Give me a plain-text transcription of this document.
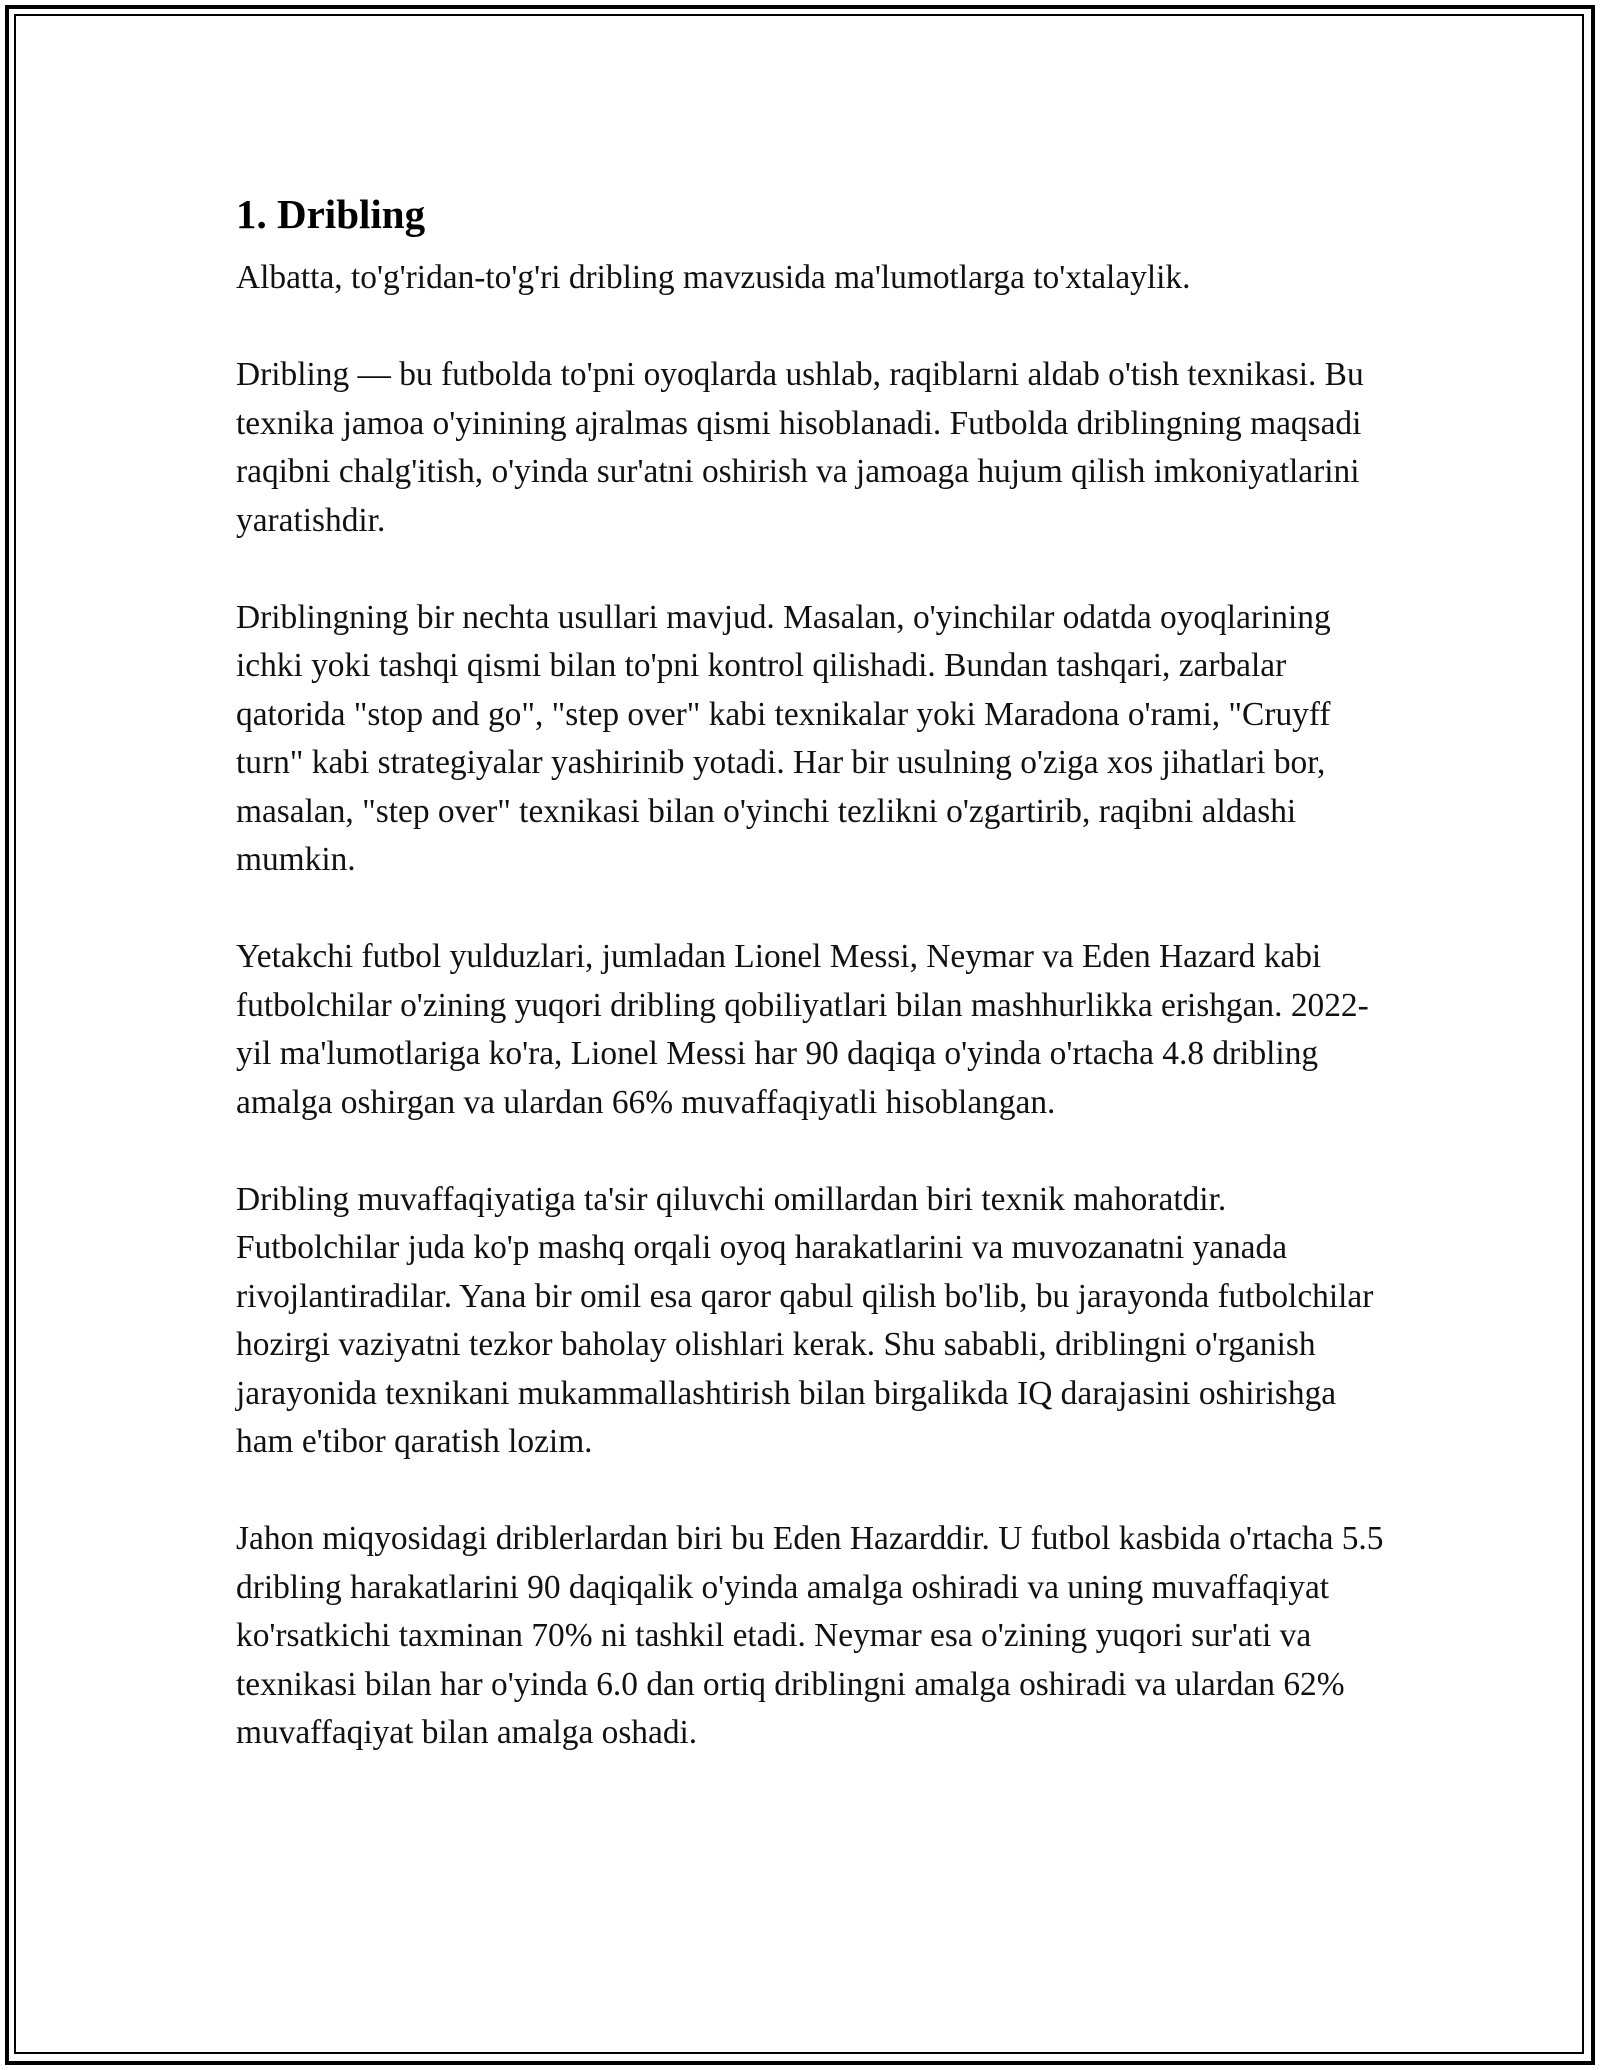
1. Dribling

Albatta, to'g'ridan-to'g'ri dribling mavzusida ma'lumotlarga to'xtalaylik.

Dribling — bu futbolda to'pni oyoqlarda ushlab, raqiblarni aldab o'tish texnikasi. Bu texnika jamoa o'yinining ajralmas qismi hisoblanadi. Futbolda driblingning maqsadi raqibni chalg'itish, o'yinda sur'atni oshirish va jamoaga hujum qilish imkoniyatlarini yaratishdir.

Driblingning bir nechta usullari mavjud. Masalan, o'yinchilar odatda oyoqlarining ichki yoki tashqi qismi bilan to'pni kontrol qilishadi. Bundan tashqari, zarbalar qatorida "stop and go", "step over" kabi texnikalar yoki Maradona o'rami, "Cruyff turn" kabi strategiyalar yashirinib yotadi. Har bir usulning o'ziga xos jihatlari bor, masalan, "step over" texnikasi bilan o'yinchi tezlikni o'zgartirib, raqibni aldashi mumkin.

Yetakchi futbol yulduzlari, jumladan Lionel Messi, Neymar va Eden Hazard kabi futbolchilar o'zining yuqori dribling qobiliyatlari bilan mashhurlikka erishgan. 2022-yil ma'lumotlariga ko'ra, Lionel Messi har 90 daqiqa o'yinda o'rtacha 4.8 dribling amalga oshirgan va ulardan 66% muvaffaqiyatli hisoblangan.

Dribling muvaffaqiyatiga ta'sir qiluvchi omillardan biri texnik mahoratdir. Futbolchilar juda ko'p mashq orqali oyoq harakatlarini va muvozanatni yanada rivojlantiradilar. Yana bir omil esa qaror qabul qilish bo'lib, bu jarayonda futbolchilar hozirgi vaziyatni tezkor baholay olishlari kerak. Shu sababli, driblingni o'rganish jarayonida texnikani mukammallashtirish bilan birgalikda IQ darajasini oshirishga ham e'tibor qaratish lozim.

Jahon miqyosidagi driblerlardan biri bu Eden Hazarddir. U futbol kasbida o'rtacha 5.5 dribling harakatlarini 90 daqiqalik o'yinda amalga oshiradi va uning muvaffaqiyat ko'rsatkichi taxminan 70% ni tashkil etadi. Neymar esa o'zining yuqori sur'ati va texnikasi bilan har o'yinda 6.0 dan ortiq driblingni amalga oshiradi va ulardan 62% muvaffaqiyat bilan amalga oshadi.
